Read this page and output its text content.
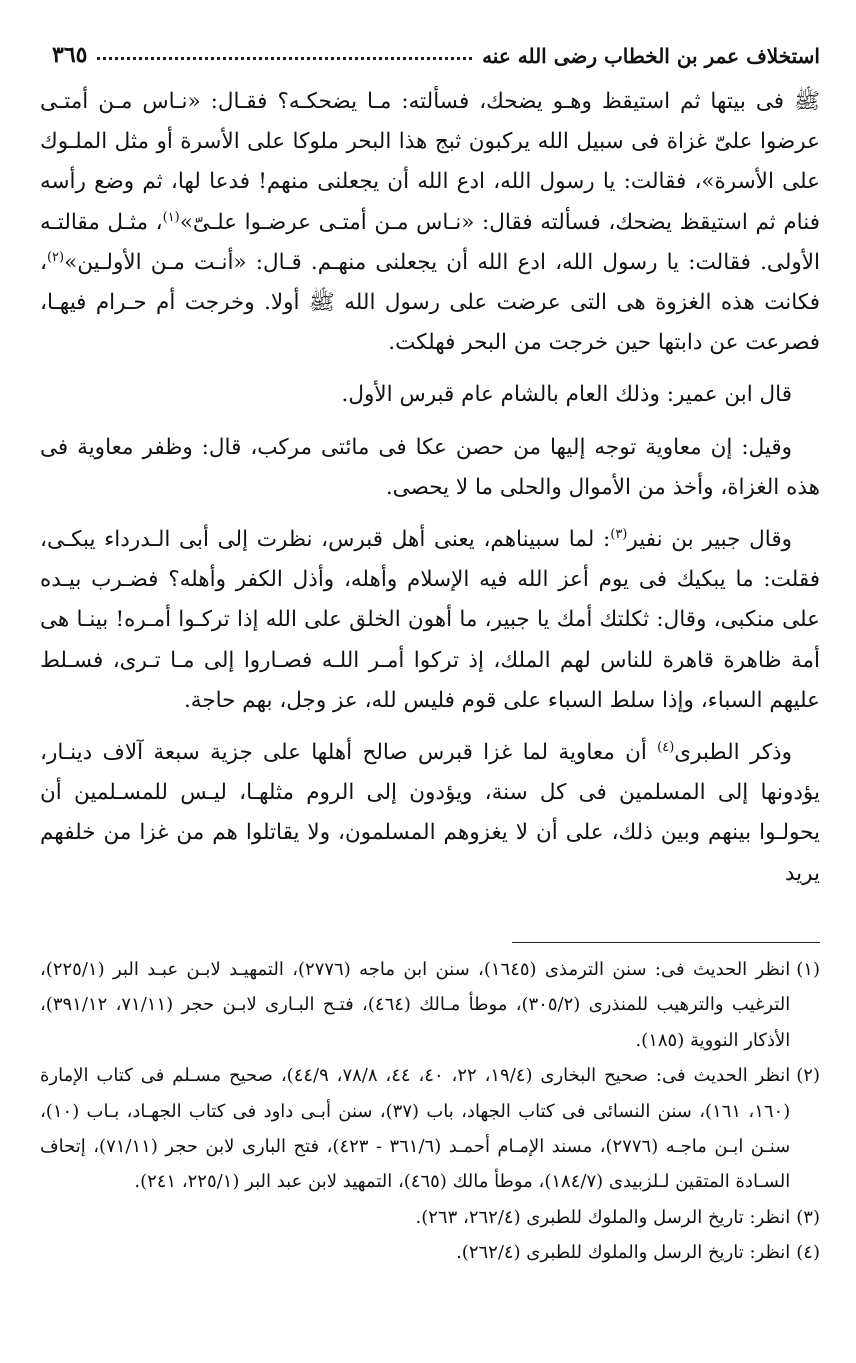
استخلاف عمر بن الخطاب رضى الله عنه
٣٦٥

ﷺ فى بيتها ثم استيقظ وهـو يضحك، فسألته: مـا يضحكـه؟ فقـال: «نـاس مـن أمتـى عرضوا علىّ غزاة فى سبيل الله يركبون ثبج هذا البحر ملوكا على الأسرة أو مثل الملـوك على الأسرة»، فقالت: يا رسول الله، ادع الله أن يجعلنى منهم! فدعا لها، ثم وضع رأسه فنام ثم استيقظ يضحك، فسألته فقال: «نـاس مـن أمتـى عرضـوا علـىّ»$^{(١)}$، مثـل مقالتـه الأولى. فقالت: يا رسول الله، ادع الله أن يجعلنى منهـم. قـال: «أنـت مـن الأولـين»$^{(٢)}$، فكانت هذه الغزوة هى التى عرضت على رسول الله ﷺ أولا. وخرجت أم حـرام فيهـا، فصرعت عن دابتها حين خرجت من البحر فهلكت.

قال ابن عمير: وذلك العام بالشام عام قبرس الأول.

وقيل: إن معاوية توجه إليها من حصن عكا فى مائتى مركب، قال: وظفر معاوية فى هذه الغزاة، وأخذ من الأموال والحلى ما لا يحصى.

وقال جبير بن نفير$^{(٣)}$: لما سبيناهم، يعنى أهل قبرس، نظرت إلى أبى الـدرداء يبكـى، فقلت: ما يبكيك فى يوم أعز الله فيه الإسلام وأهله، وأذل الكفر وأهله؟ فضـرب بيـده على منكبى، وقال: ثكلتك أمك يا جبير، ما أهون الخلق على الله إذا تركـوا أمـره! بينـا هى أمة ظاهرة قاهرة للناس لهم الملك، إذ تركوا أمـر اللـه فصـاروا إلى مـا تـرى، فسـلط عليهم السباء، وإذا سلط السباء على قوم فليس لله، عز وجل، بهم حاجة.

وذكر الطبرى$^{(٤)}$ أن معاوية لما غزا قبرس صالح أهلها على جزية سبعة آلاف دينـار، يؤدونها إلى المسلمين فى كل سنة، ويؤدون إلى الروم مثلهـا، ليـس للمسـلمين أن يحولـوا بينهم وبين ذلك، على أن لا يغزوهم المسلمون، ولا يقاتلوا هم من غزا من خلفهم يريد

(١)
انظر الحديث فى: سنن الترمذى (١٦٤٥)، سنن ابن ماجه (٢٧٧٦)، التمهيـد لابـن عبـد البر (٢٢٥/١)، الترغيب والترهيب للمنذرى (٣٠٥/٢)، موطأ مـالك (٤٦٤)، فتـح البـارى لابـن حجر (٧١/١١، ٣٩١/١٢)، الأذكار النووية (١٨٥).
(٢)
انظر الحديث فى: صحيح البخارى (١٩/٤، ٢٢، ٤٠، ٤٤، ٧٨/٨، ٤٤/٩)، صحيح مسـلم فى كتاب الإمارة (١٦٠، ١٦١)، سنن النسائى فى كتاب الجهاد، باب (٣٧)، سنن أبـى داود فى كتاب الجهـاد، بـاب (١٠)، سنـن ابـن ماجـه (٢٧٧٦)، مسند الإمـام أحمـد (٣٦١/٦ - ٤٢٣)، فتح البارى لابن حجر (٧١/١١)، إتحاف السـادة المتقين لـلزبيدى (١٨٤/٧)، موطأ مالك (٤٦٥)، التمهيد لابن عبد البر (٢٢٥/١، ٢٤١).
(٣)
انظر: تاريخ الرسل والملوك للطبرى (٢٦٢/٤، ٢٦٣).
(٤)
انظر: تاريخ الرسل والملوك للطبرى (٢٦٢/٤).
